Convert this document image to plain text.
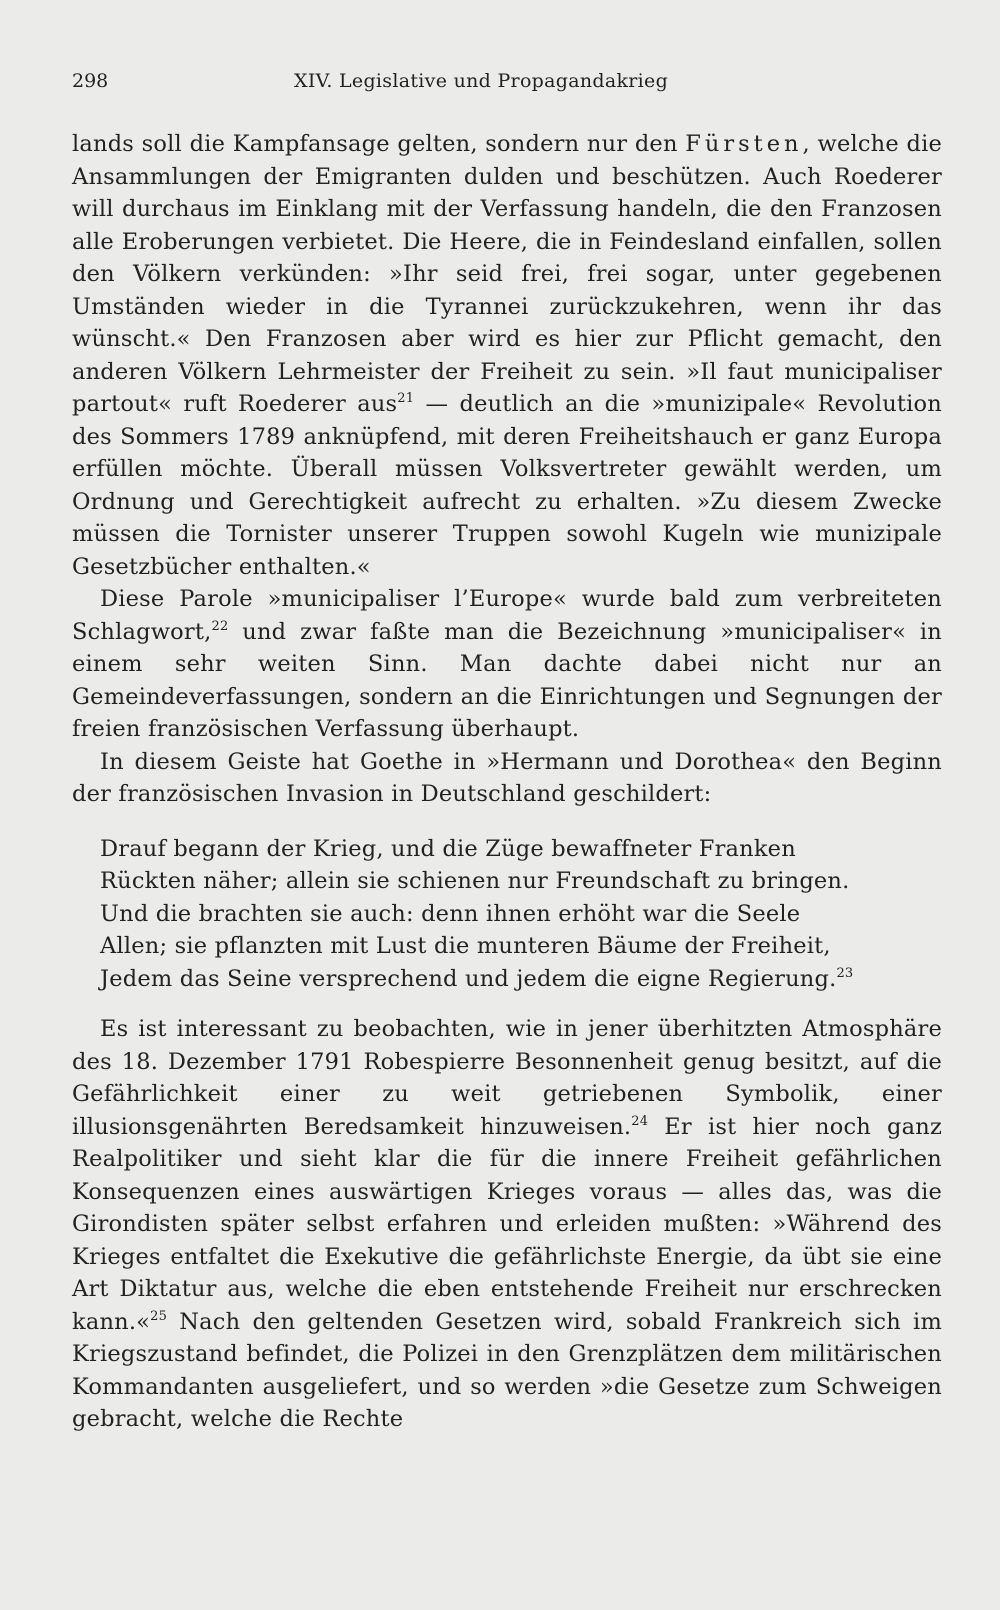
298	XIV. Legislative und Propagandakrieg

lands soll die Kampfansage gelten, sondern nur den Fürsten, welche die Ansammlungen der Emigranten dulden und beschützen. Auch Roederer will durchaus im Einklang mit der Verfassung handeln, die den Franzosen alle Eroberungen verbietet. Die Heere, die in Feindesland einfallen, sollen den Völkern verkünden: »Ihr seid frei, frei sogar, unter gegebenen Umständen wieder in die Tyrannei zurückzukehren, wenn ihr das wünscht.« Den Franzosen aber wird es hier zur Pflicht gemacht, den anderen Völkern Lehrmeister der Freiheit zu sein. »Il faut municipaliser partout« ruft Roederer aus$^{21}$ — deutlich an die »munizipale« Revolution des Sommers 1789 anknüpfend, mit deren Freiheitshauch er ganz Europa erfüllen möchte. Überall müssen Volksvertreter gewählt werden, um Ordnung und Gerechtigkeit aufrecht zu erhalten. »Zu diesem Zwecke müssen die Tornister unserer Truppen sowohl Kugeln wie munizipale Gesetzbücher enthalten.«

Diese Parole »municipaliser l’Europe« wurde bald zum verbreiteten Schlagwort,$^{22}$ und zwar faßte man die Bezeichnung »municipaliser« in einem sehr weiten Sinn. Man dachte dabei nicht nur an Gemeindeverfassungen, sondern an die Einrichtungen und Segnungen der freien französischen Verfassung überhaupt.

In diesem Geiste hat Goethe in »Hermann und Dorothea« den Beginn der französischen Invasion in Deutschland geschildert:

Drauf begann der Krieg, und die Züge bewaffneter Franken
Rückten näher; allein sie schienen nur Freundschaft zu bringen.
Und die brachten sie auch: denn ihnen erhöht war die Seele
Allen; sie pflanzten mit Lust die munteren Bäume der Freiheit,
Jedem das Seine versprechend und jedem die eigne Regierung.$^{23}$

Es ist interessant zu beobachten, wie in jener überhitzten Atmosphäre des 18. Dezember 1791 Robespierre Besonnenheit genug besitzt, auf die Gefährlichkeit einer zu weit getriebenen Symbolik, einer illusionsgenährten Beredsamkeit hinzuweisen.$^{24}$ Er ist hier noch ganz Realpolitiker und sieht klar die für die innere Freiheit gefährlichen Konsequenzen eines auswärtigen Krieges voraus — alles das, was die Girondisten später selbst erfahren und erleiden mußten: »Während des Krieges entfaltet die Exekutive die gefährlichste Energie, da übt sie eine Art Diktatur aus, welche die eben entstehende Freiheit nur erschrecken kann.«$^{25}$ Nach den geltenden Gesetzen wird, sobald Frankreich sich im Kriegszustand befindet, die Polizei in den Grenzplätzen dem militärischen Kommandanten ausgeliefert, und so werden »die Gesetze zum Schweigen gebracht, welche die Rechte
